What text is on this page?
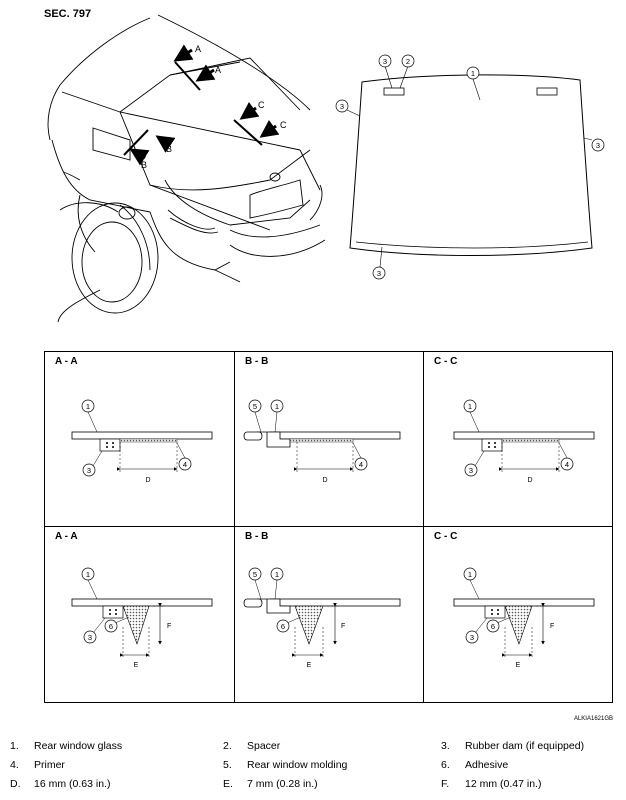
SEC. 797
A
A
B
B
C
C
3	2
1
3
3
3
A - A
D
1
3
4
B - B
D
5 1
4
C - C
D
1
3
4
A - A
E
F
1
3
6
B - B
E
F
5 1
6
C - C
E
F
1
3
6
ALKIA1621GB
1.	Rear window glass	2.	Spacer	3.	Rubber dam (if equipped)
4.	Primer	5.	Rear window molding	6.	Adhesive
D.	16 mm (0.63 in.)	E.	7 mm (0.28 in.)	F.	12 mm (0.47 in.)
